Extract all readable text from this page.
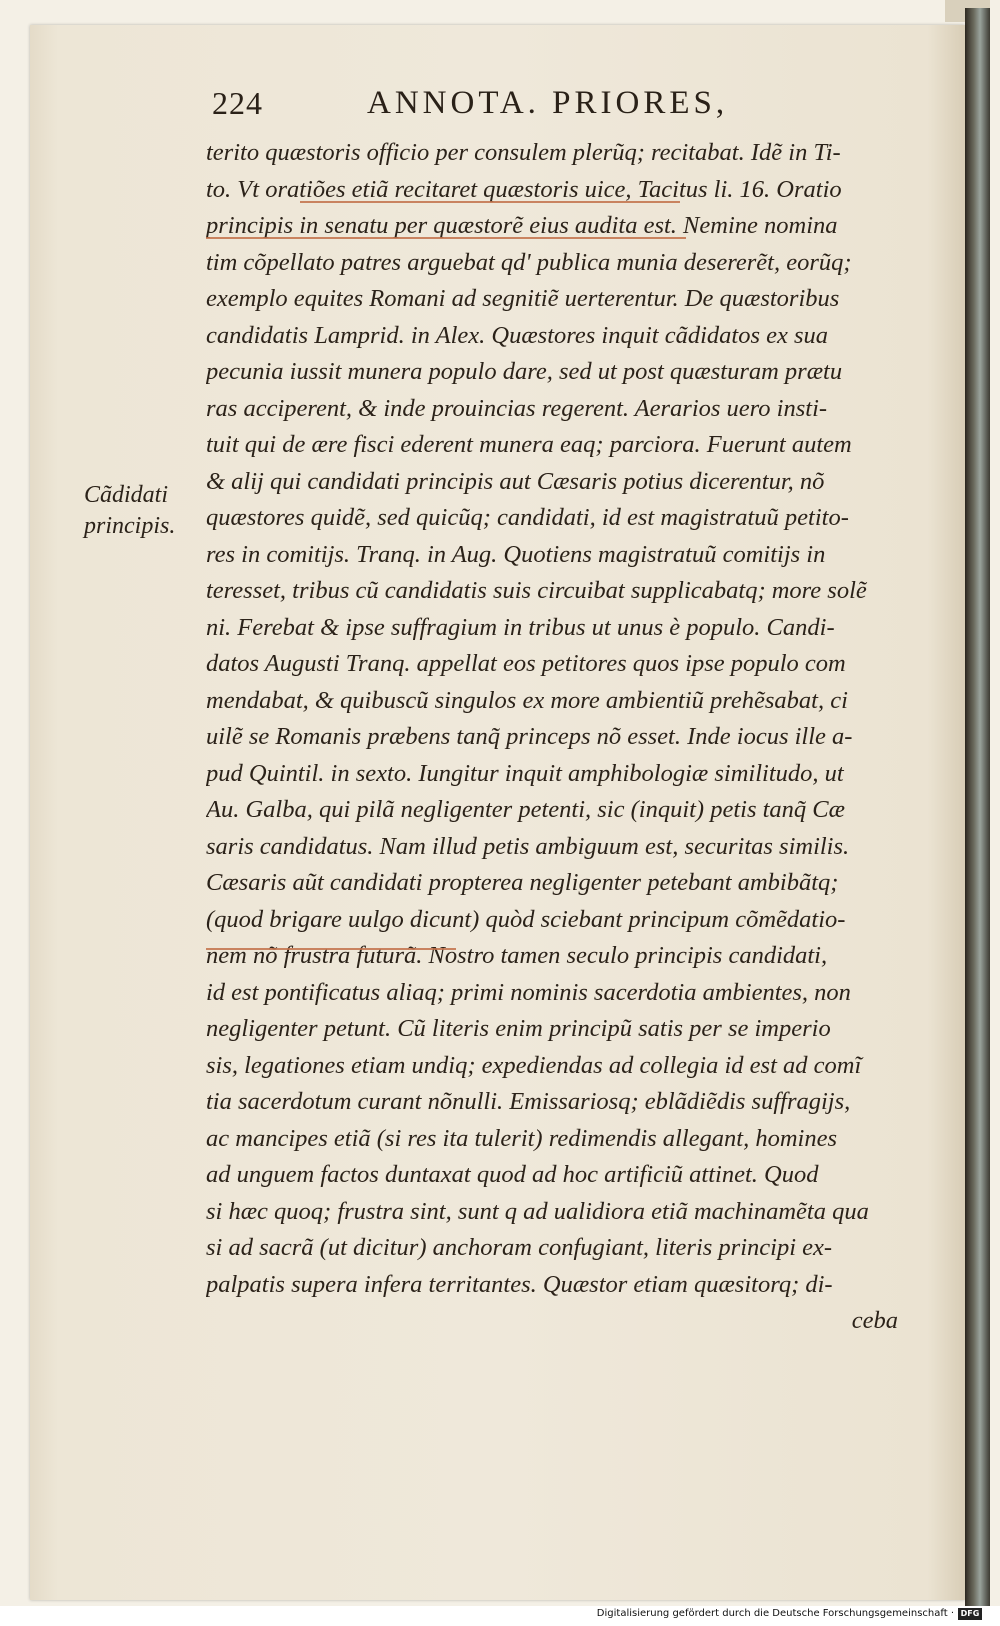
224	ANNOTA. PRIORES,
Cãdidati
principis.
terito quæstoris officio per consulem plerũq; recitabat. Idẽ in Ti-
to. Vt oratiões etiã recitaret quæstoris uice, Tacitus li. 16. Oratio
principis in senatu per quæstorẽ eius audita est. Nemine nomina
tim cõpellato patres arguebat qd' publica munia desererẽt, eorũq;
exemplo equites Romani ad segnitiẽ uerterentur. De quæstoribus
candidatis Lamprid. in Alex. Quæstores inquit cãdidatos ex sua
pecunia iussit munera populo dare, sed ut post quæsturam prætu
ras acciperent, & inde prouincias regerent. Aerarios uero insti-
tuit qui de ære fisci ederent munera eaq; parciora. Fuerunt autem
& alij qui candidati principis aut Cæsaris potius dicerentur, nõ
quæstores quidẽ, sed quicũq; candidati, id est magistratuũ petito-
res in comitijs. Tranq. in Aug. Quotiens magistratuũ comitijs in
teresset, tribus cũ candidatis suis circuibat supplicabatq; more solẽ
ni. Ferebat & ipse suffragium in tribus ut unus è populo. Candi-
datos Augusti Tranq. appellat eos petitores quos ipse populo com
mendabat, & quibuscũ singulos ex more ambientiũ prehẽsabat, ci
uilẽ se Romanis præbens tanq̃ princeps nõ esset. Inde iocus ille a-
pud Quintil. in sexto. Iungitur inquit amphibologiæ similitudo, ut
Au. Galba, qui pilã negligenter petenti, sic (inquit) petis tanq̃ Cæ
saris candidatus. Nam illud petis ambiguum est, securitas similis.
Cæsaris aũt candidati propterea negligenter petebant ambibãtq;
(quod brigare uulgo dicunt) quòd sciebant principum cõmẽdatio-
nem nõ frustra futurã. Nostro tamen seculo principis candidati,
id est pontificatus aliaq; primi nominis sacerdotia ambientes, non
negligenter petunt. Cũ literis enim principũ satis per se imperio
sis, legationes etiam undiq; expediendas ad collegia id est ad comĩ
tia sacerdotum curant nõnulli. Emissariosq; eblãdiẽdis suffragijs,
ac mancipes etiã (si res ita tulerit) redimendis allegant, homines
ad unguem factos duntaxat quod ad hoc artificiũ attinet. Quod
si hæc quoq; frustra sint, sunt q ad ualidiora etiã machinamẽta qua
si ad sacrã (ut dicitur) anchoram confugiant, literis principi ex-
palpatis supera infera territantes. Quæstor etiam quæsitorq; di-
ceba
Digitalisierung gefördert durch die Deutsche Forschungsgemeinschaft · DFG
